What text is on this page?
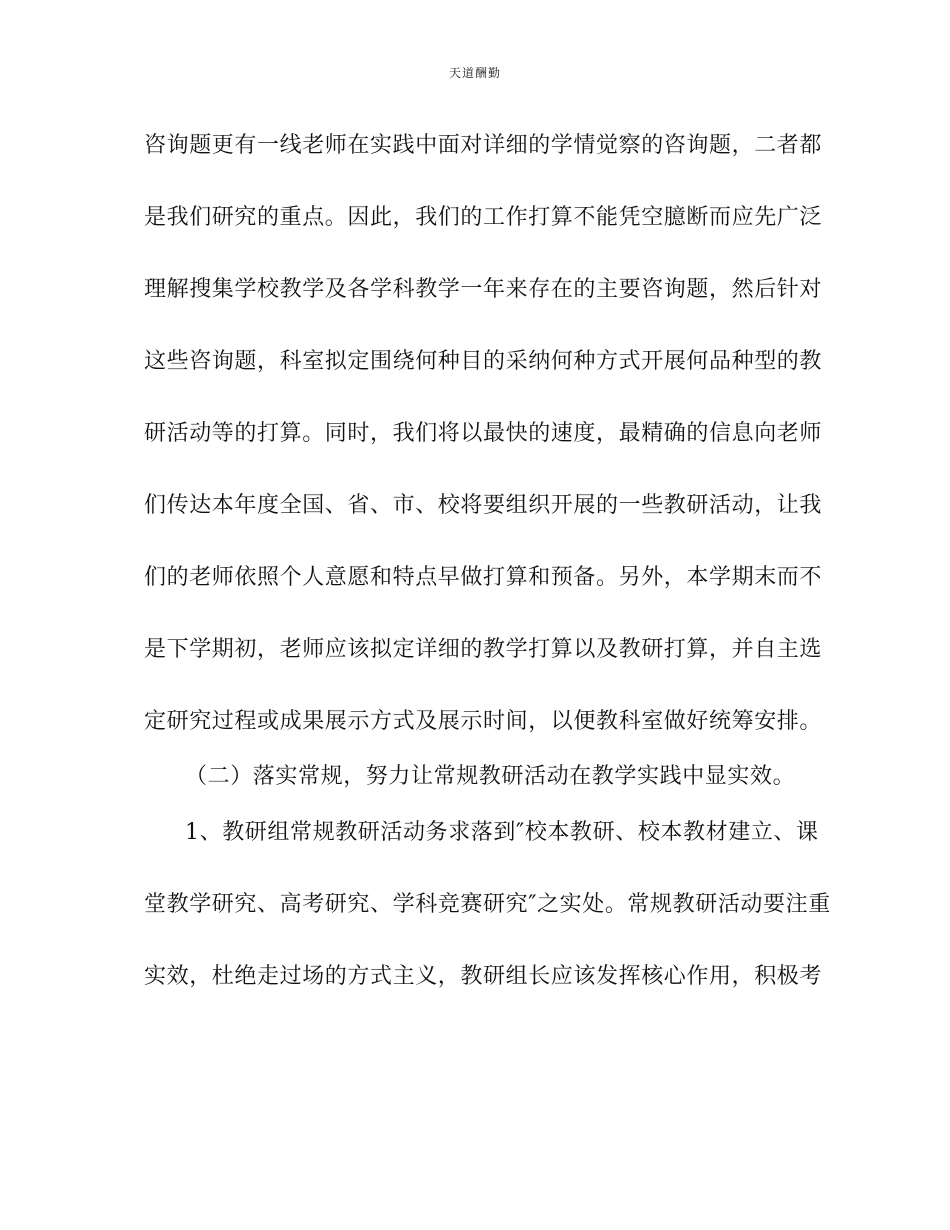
天道酬勤
咨询题更有一线老师在实践中面对详细的学情觉察的咨询题，二者都
是我们研究的重点。因此，我们的工作打算不能凭空臆断而应先广泛
理解搜集学校教学及各学科教学一年来存在的主要咨询题，然后针对
这些咨询题，科室拟定围绕何种目的采纳何种方式开展何品种型的教
研活动等的打算。同时，我们将以最快的速度，最精确的信息向老师
们传达本年度全国、省、市、校将要组织开展的一些教研活动，让我
们的老师依照个人意愿和特点早做打算和预备。另外，本学期末而不
是下学期初，老师应该拟定详细的教学打算以及教研打算，并自主选
定研究过程或成果展示方式及展示时间，以便教科室做好统筹安排。
（二）落实常规，努力让常规教研活动在教学实践中显实效。
1、教研组常规教研活动务求落到″校本教研、校本教材建立、课
堂教学研究、高考研究、学科竞赛研究″之实处。常规教研活动要注重
实效，杜绝走过场的方式主义，教研组长应该发挥核心作用，积极考
